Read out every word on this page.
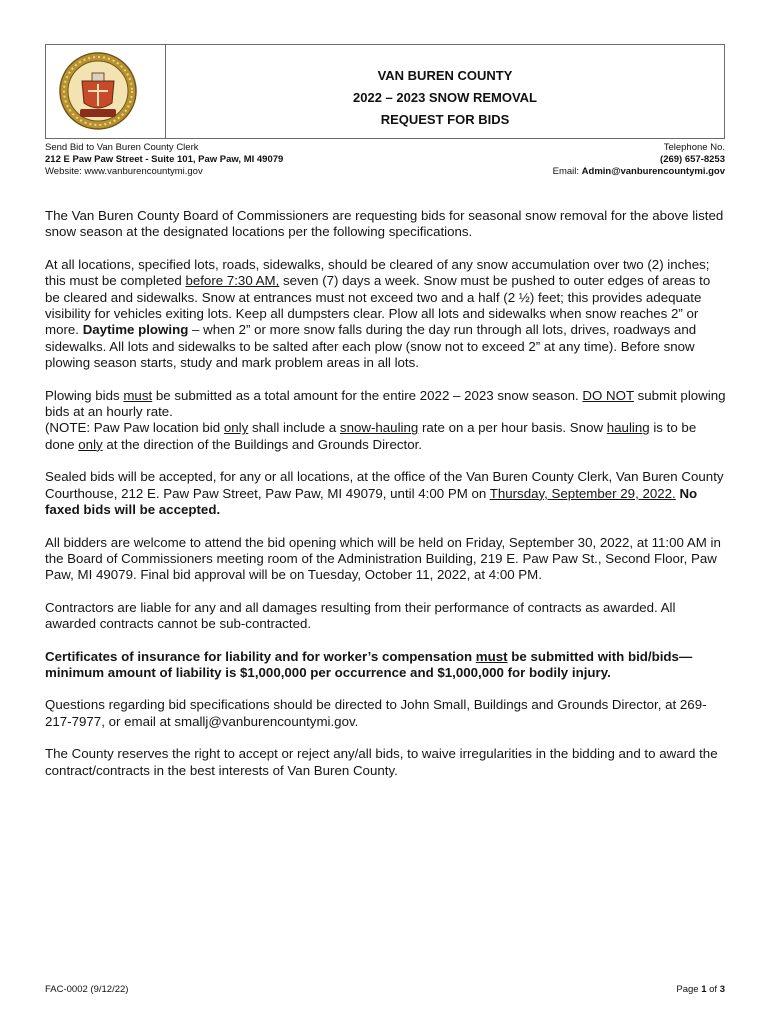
VAN BUREN COUNTY
2022 – 2023 SNOW REMOVAL
REQUEST FOR BIDS
Send Bid to Van Buren County Clerk
212 E Paw Paw Street - Suite 101, Paw Paw, MI 49079
Website: www.vanburencountymi.gov
Telephone No.
(269) 657-8253
Email: Admin@vanburencountymi.gov

The Van Buren County Board of Commissioners are requesting bids for seasonal snow removal for the above listed snow season at the designated locations per the following specifications.

At all locations, specified lots, roads, sidewalks, should be cleared of any snow accumulation over two (2) inches; this must be completed before 7:30 AM, seven (7) days a week. Snow must be pushed to outer edges of areas to be cleared and sidewalks. Snow at entrances must not exceed two and a half (2 ½) feet; this provides adequate visibility for vehicles exiting lots. Keep all dumpsters clear. Plow all lots and sidewalks when snow reaches 2” or more. Daytime plowing – when 2” or more snow falls during the day run through all lots, drives, roadways and sidewalks. All lots and sidewalks to be salted after each plow (snow not to exceed 2” at any time). Before snow plowing season starts, study and mark problem areas in all lots.

Plowing bids must be submitted as a total amount for the entire 2022 – 2023 snow season. DO NOT submit plowing bids at an hourly rate.
(NOTE: Paw Paw location bid only shall include a snow-hauling rate on a per hour basis. Snow hauling is to be done only at the direction of the Buildings and Grounds Director.

Sealed bids will be accepted, for any or all locations, at the office of the Van Buren County Clerk, Van Buren County Courthouse, 212 E. Paw Paw Street, Paw Paw, MI 49079, until 4:00 PM on Thursday, September 29, 2022. No faxed bids will be accepted.

All bidders are welcome to attend the bid opening which will be held on Friday, September 30, 2022, at 11:00 AM in the Board of Commissioners meeting room of the Administration Building, 219 E. Paw Paw St., Second Floor, Paw Paw, MI 49079. Final bid approval will be on Tuesday, October 11, 2022, at 4:00 PM.

Contractors are liable for any and all damages resulting from their performance of contracts as awarded. All awarded contracts cannot be sub-contracted.

Certificates of insurance for liability and for worker’s compensation must be submitted with bid/bids—minimum amount of liability is $1,000,000 per occurrence and $1,000,000 for bodily injury.

Questions regarding bid specifications should be directed to John Small, Buildings and Grounds Director, at 269-217-7977, or email at smallj@vanburencountymi.gov.

The County reserves the right to accept or reject any/all bids, to waive irregularities in the bidding and to award the contract/contracts in the best interests of Van Buren County.

FAC-0002 (9/12/22)	Page 1 of 3
